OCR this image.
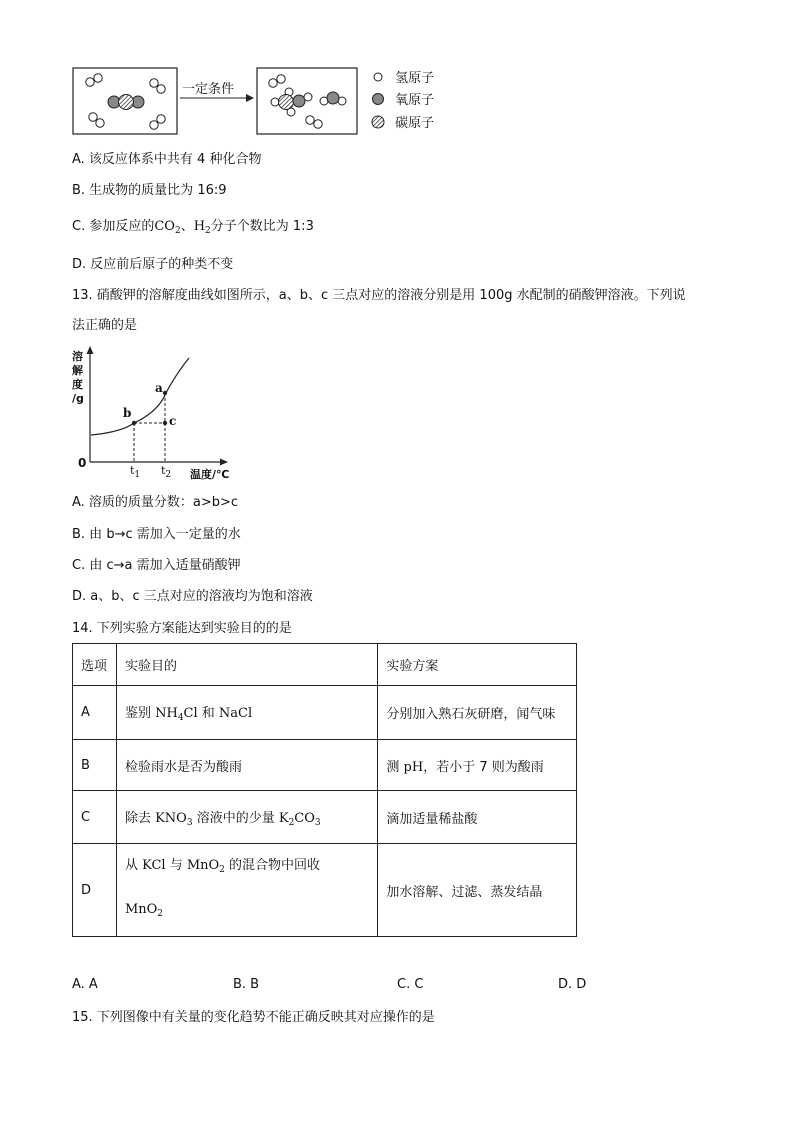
一定条件
氢原子
氧原子
碳原子
A. 该反应体系中共有 4 种化合物
B. 生成物的质量比为 16:9
C. 参加反应的$CO_2$、$H_2$分子个数比为 1:3
D. 反应前后原子的种类不变
13. 硝酸钾的溶解度曲线如图所示，a、b、c 三点对应的溶液分别是用 100g 水配制的硝酸钾溶液。下列说
法正确的是
溶
解
度
/g
0
a
b
c
$t_1$ $t_2$ 温度/℃
A. 溶质的质量分数：a>b>c
B. 由 b→c 需加入一定量的水
C. 由 c→a 需加入适量硝酸钾
D. a、b、c 三点对应的溶液均为饱和溶液
14. 下列实验方案能达到实验目的的是
选项	实验目的	实验方案
A	鉴别 $NH_4Cl$ 和 NaCl	分别加入熟石灰研磨，闻气味
B	检验雨水是否为酸雨	测 pH，若小于 7 则为酸雨
C	除去 $KNO_3$ 溶液中的少量 $K_2CO_3$	滴加适量稀盐酸
D	从 KCl 与 MnO$_2$ 的混合物中回收
MnO$_2$	加水溶解、过滤、蒸发结晶
A. A	B. B	C. C	D. D
15. 下列图像中有关量的变化趋势不能正确反映其对应操作的是
